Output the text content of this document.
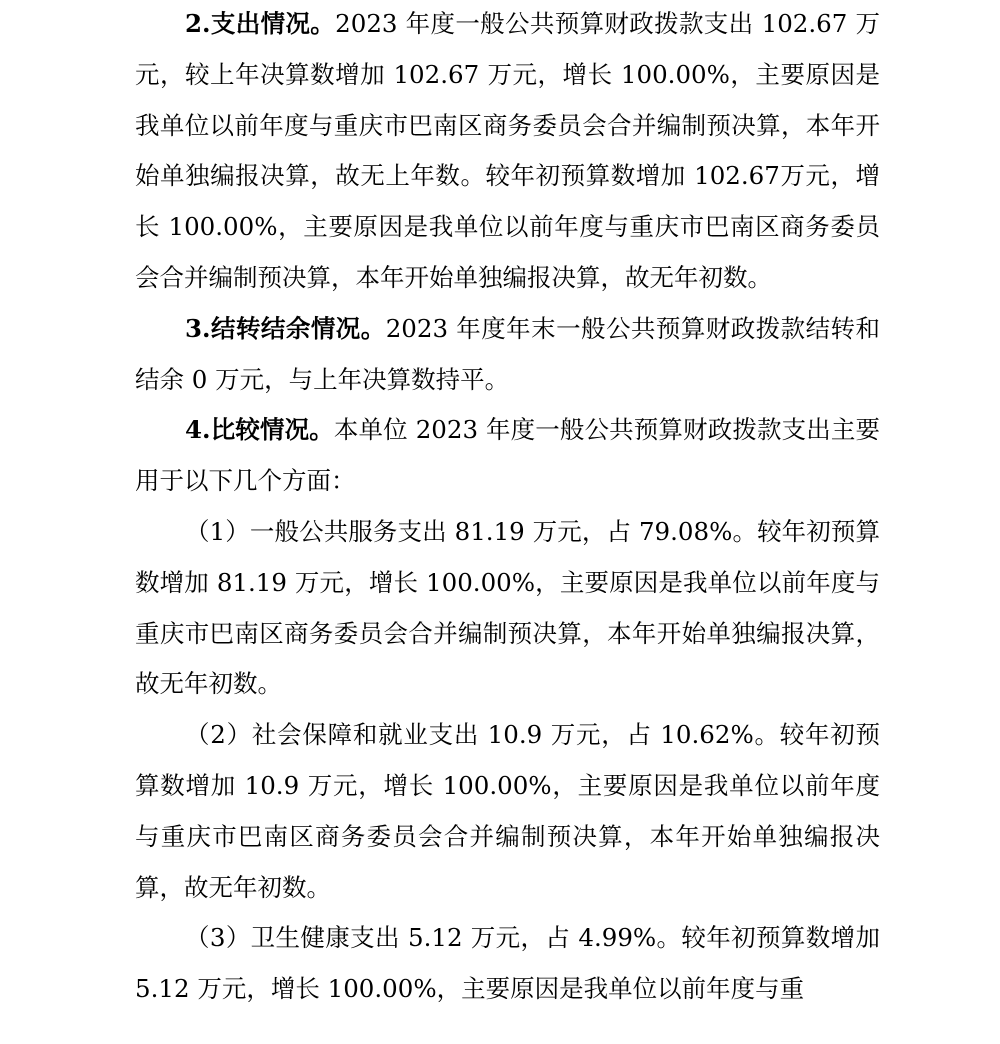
2.支出情况。2023 年度一般公共预算财政拨款支出 102.67 万元，较上年决算数增加 102.67 万元，增长 100.00%，主要原因是我单位以前年度与重庆市巴南区商务委员会合并编制预决算，本年开始单独编报决算，故无上年数。较年初预算数增加 102.67万元，增长 100.00%，主要原因是我单位以前年度与重庆市巴南区商务委员会合并编制预决算，本年开始单独编报决算，故无年初数。

3.结转结余情况。2023 年度年末一般公共预算财政拨款结转和结余 0 万元，与上年决算数持平。

4.比较情况。本单位 2023 年度一般公共预算财政拨款支出主要用于以下几个方面：

（1）一般公共服务支出 81.19 万元，占 79.08%。较年初预算数增加 81.19 万元，增长 100.00%，主要原因是我单位以前年度与重庆市巴南区商务委员会合并编制预决算，本年开始单独编报决算，故无年初数。

（2）社会保障和就业支出 10.9 万元，占 10.62%。较年初预算数增加 10.9 万元，增长 100.00%，主要原因是我单位以前年度与重庆市巴南区商务委员会合并编制预决算，本年开始单独编报决算，故无年初数。

（3）卫生健康支出 5.12 万元，占 4.99%。较年初预算数增加 5.12 万元，增长 100.00%，主要原因是我单位以前年度与重
